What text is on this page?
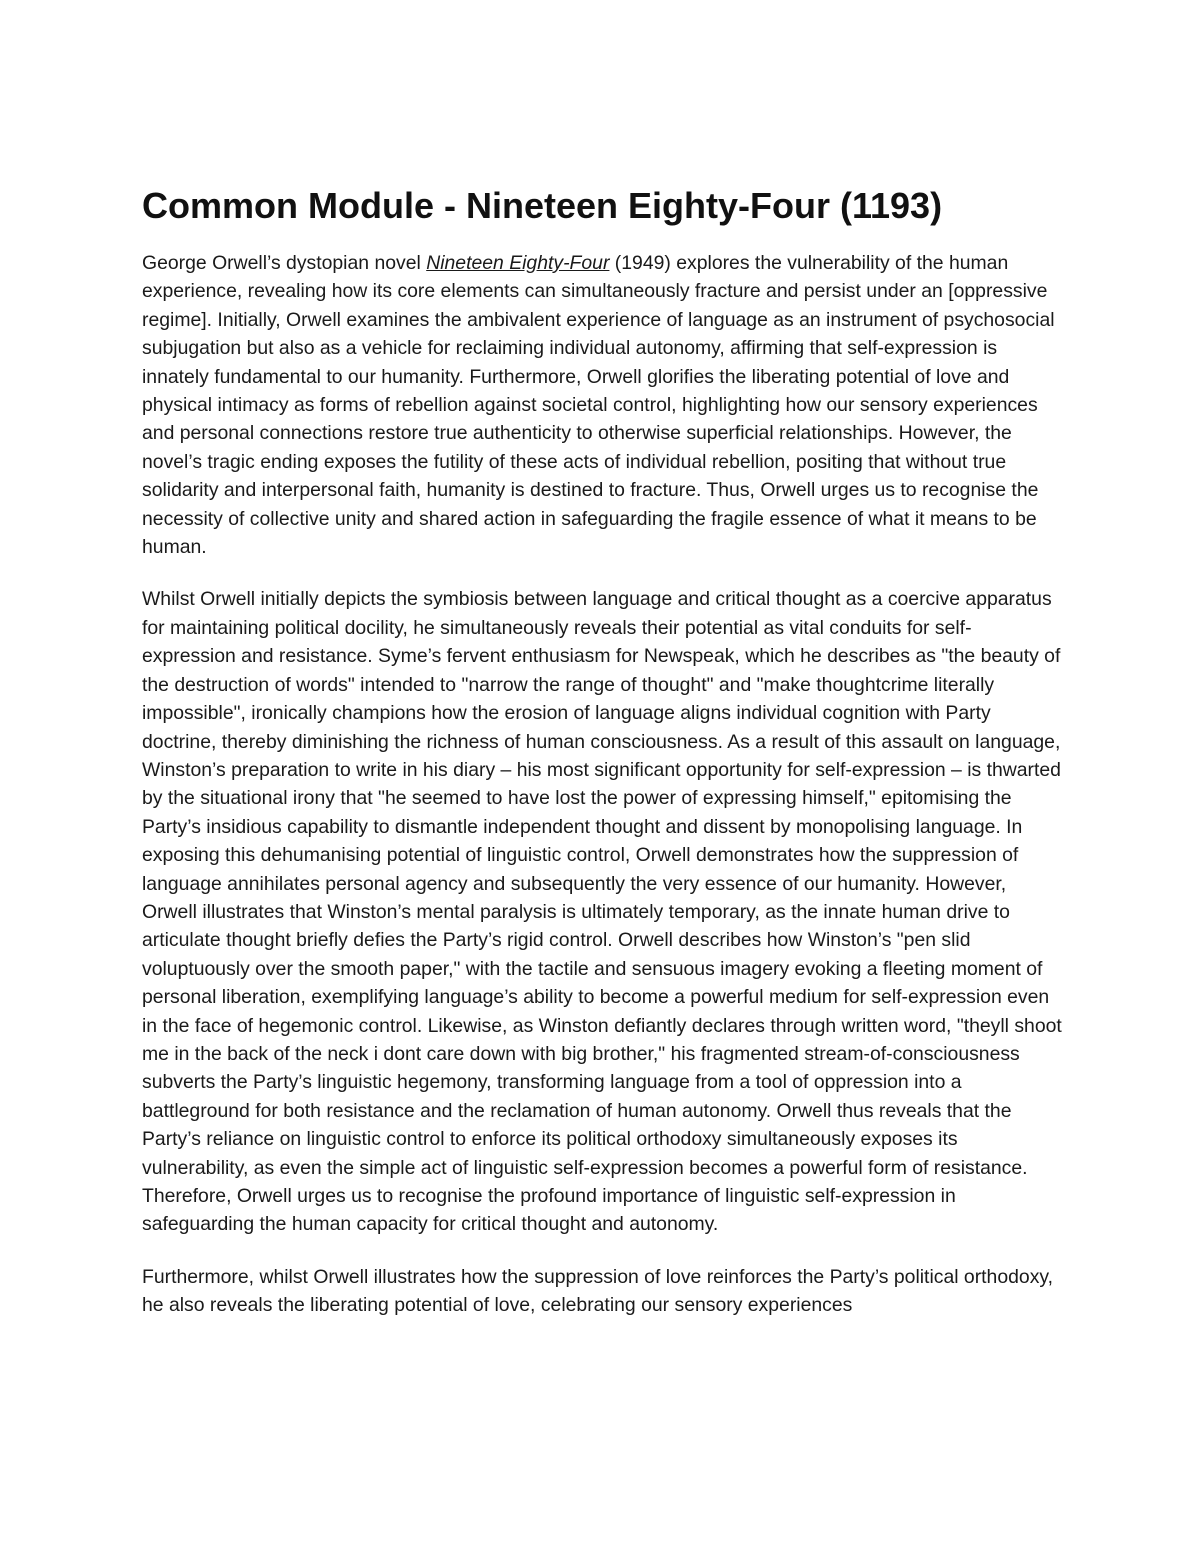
Common Module - Nineteen Eighty-Four (1193)

George Orwell’s dystopian novel Nineteen Eighty-Four (1949) explores the vulnerability of the human experience, revealing how its core elements can simultaneously fracture and persist under an [oppressive regime]. Initially, Orwell examines the ambivalent experience of language as an instrument of psychosocial subjugation but also as a vehicle for reclaiming individual autonomy, affirming that self-expression is innately fundamental to our humanity. Furthermore, Orwell glorifies the liberating potential of love and physical intimacy as forms of rebellion against societal control, highlighting how our sensory experiences and personal connections restore true authenticity to otherwise superficial relationships. However, the novel’s tragic ending exposes the futility of these acts of individual rebellion, positing that without true solidarity and interpersonal faith, humanity is destined to fracture. Thus, Orwell urges us to recognise the necessity of collective unity and shared action in safeguarding the fragile essence of what it means to be human.

Whilst Orwell initially depicts the symbiosis between language and critical thought as a coercive apparatus for maintaining political docility, he simultaneously reveals their potential as vital conduits for self-expression and resistance. Syme’s fervent enthusiasm for Newspeak, which he describes as "the beauty of the destruction of words" intended to "narrow the range of thought" and "make thoughtcrime literally impossible", ironically champions how the erosion of language aligns individual cognition with Party doctrine, thereby diminishing the richness of human consciousness. As a result of this assault on language, Winston’s preparation to write in his diary – his most significant opportunity for self-expression – is thwarted by the situational irony that "he seemed to have lost the power of expressing himself," epitomising the Party’s insidious capability to dismantle independent thought and dissent by monopolising language. In exposing this dehumanising potential of linguistic control, Orwell demonstrates how the suppression of language annihilates personal agency and subsequently the very essence of our humanity. However, Orwell illustrates that Winston’s mental paralysis is ultimately temporary, as the innate human drive to articulate thought briefly defies the Party’s rigid control. Orwell describes how Winston’s "pen slid voluptuously over the smooth paper," with the tactile and sensuous imagery evoking a fleeting moment of personal liberation, exemplifying language’s ability to become a powerful medium for self-expression even in the face of hegemonic control. Likewise, as Winston defiantly declares through written word, "theyll shoot me in the back of the neck i dont care down with big brother," his fragmented stream-of-consciousness subverts the Party’s linguistic hegemony, transforming language from a tool of oppression into a battleground for both resistance and the reclamation of human autonomy. Orwell thus reveals that the Party’s reliance on linguistic control to enforce its political orthodoxy simultaneously exposes its vulnerability, as even the simple act of linguistic self-expression becomes a powerful form of resistance. Therefore, Orwell urges us to recognise the profound importance of linguistic self-expression in safeguarding the human capacity for critical thought and autonomy.

Furthermore, whilst Orwell illustrates how the suppression of love reinforces the Party’s political orthodoxy, he also reveals the liberating potential of love, celebrating our sensory experiences
